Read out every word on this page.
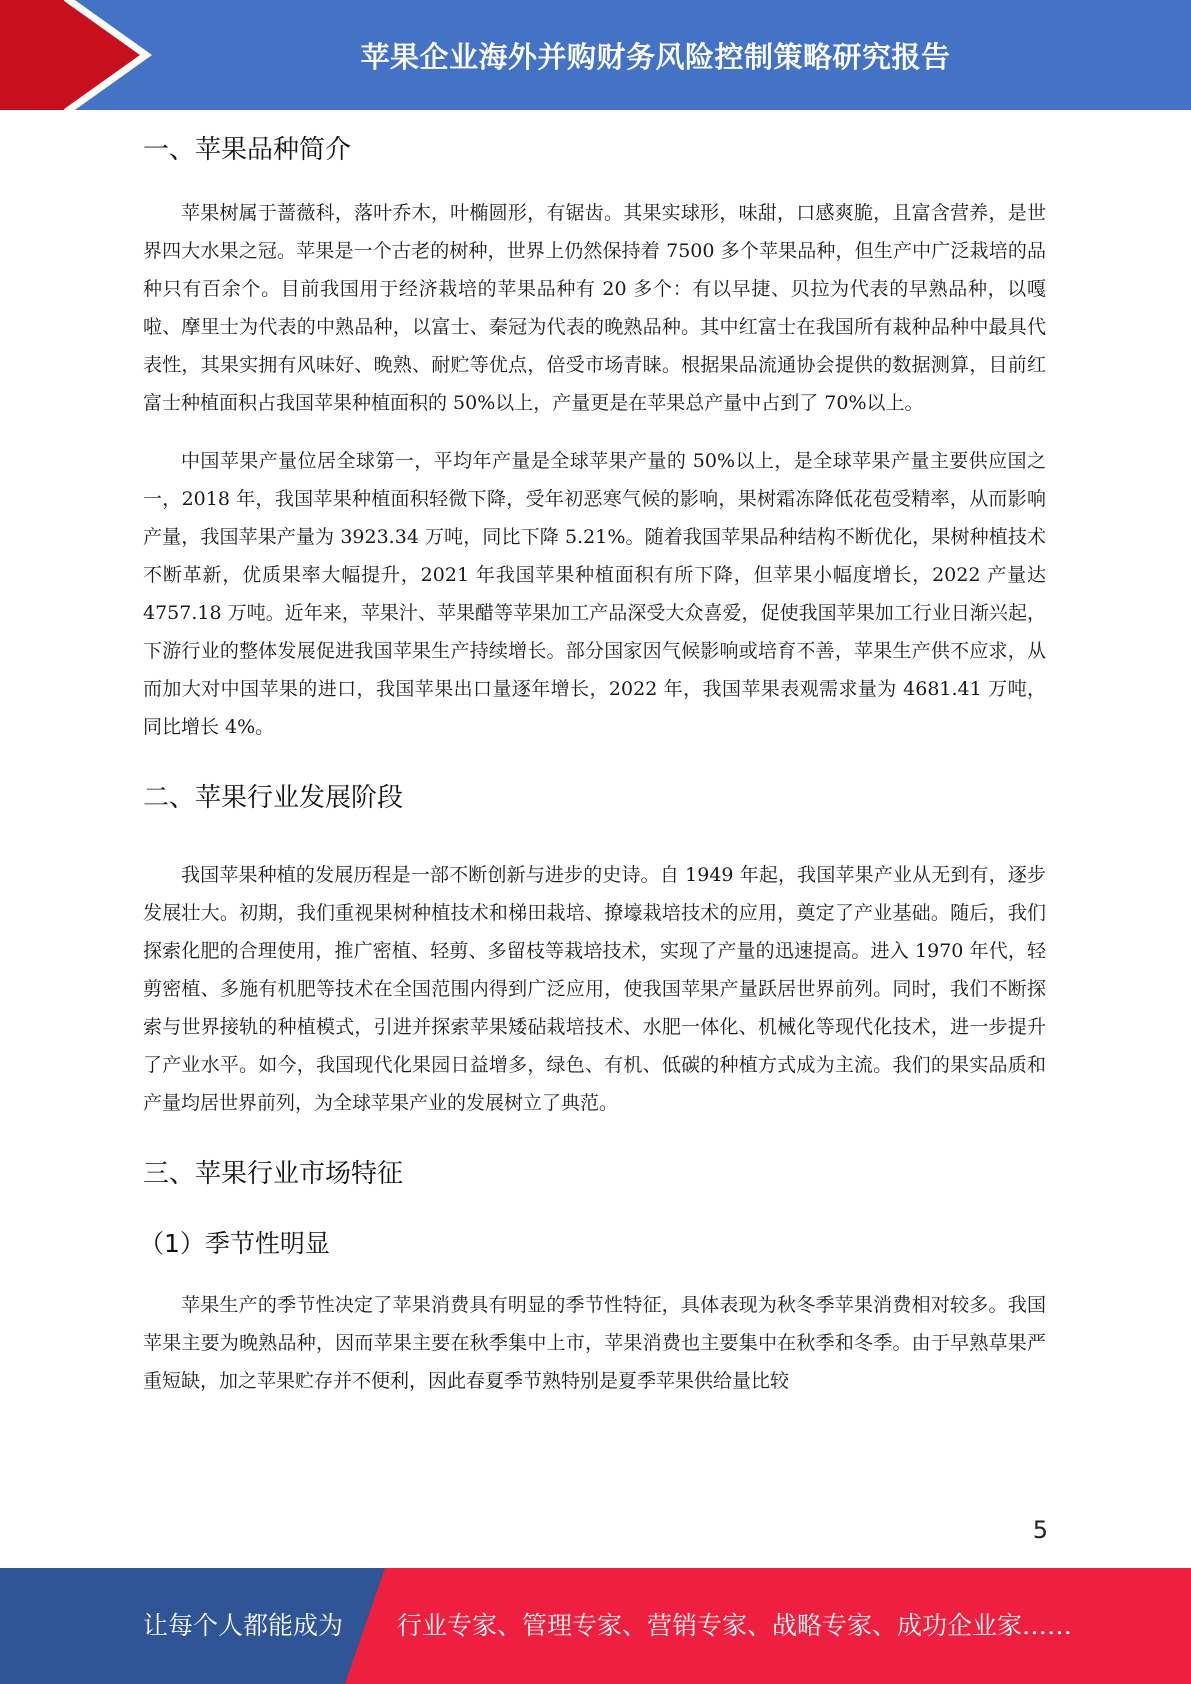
苹果企业海外并购财务风险控制策略研究报告
一、苹果品种简介

苹果树属于蔷薇科，落叶乔木，叶椭圆形，有锯齿。其果实球形，味甜，口感爽脆，且富含营养，是世界四大水果之冠。苹果是一个古老的树种，世界上仍然保持着 7500 多个苹果品种，但生产中广泛栽培的品种只有百余个。目前我国用于经济栽培的苹果品种有 20 多个：有以早捷、贝拉为代表的早熟品种，以嘎啦、摩里士为代表的中熟品种，以富士、秦冠为代表的晚熟品种。其中红富士在我国所有栽种品种中最具代表性，其果实拥有风味好、晚熟、耐贮等优点，倍受市场青睐。根据果品流通协会提供的数据测算，目前红富士种植面积占我国苹果种植面积的 50%以上，产量更是在苹果总产量中占到了 70%以上。

中国苹果产量位居全球第一，平均年产量是全球苹果产量的 50%以上，是全球苹果产量主要供应国之一，2018 年，我国苹果种植面积轻微下降，受年初恶寒气候的影响，果树霜冻降低花苞受精率，从而影响产量，我国苹果产量为 3923.34 万吨，同比下降 5.21%。随着我国苹果品种结构不断优化，果树种植技术不断革新，优质果率大幅提升，2021 年我国苹果种植面积有所下降，但苹果小幅度增长，2022 产量达 4757.18 万吨。近年来，苹果汁、苹果醋等苹果加工产品深受大众喜爱，促使我国苹果加工行业日渐兴起，下游行业的整体发展促进我国苹果生产持续增长。部分国家因气候影响或培育不善，苹果生产供不应求，从而加大对中国苹果的进口，我国苹果出口量逐年增长，2022 年，我国苹果表观需求量为 4681.41 万吨，同比增长 4%。

二、苹果行业发展阶段

我国苹果种植的发展历程是一部不断创新与进步的史诗。自 1949 年起，我国苹果产业从无到有，逐步发展壮大。初期，我们重视果树种植技术和梯田栽培、撩壕栽培技术的应用，奠定了产业基础。随后，我们探索化肥的合理使用，推广密植、轻剪、多留枝等栽培技术，实现了产量的迅速提高。进入 1970 年代，轻剪密植、多施有机肥等技术在全国范围内得到广泛应用，使我国苹果产量跃居世界前列。同时，我们不断探索与世界接轨的种植模式，引进并探索苹果矮砧栽培技术、水肥一体化、机械化等现代化技术，进一步提升了产业水平。如今，我国现代化果园日益增多，绿色、有机、低碳的种植方式成为主流。我们的果实品质和产量均居世界前列，为全球苹果产业的发展树立了典范。

三、苹果行业市场特征
（1）季节性明显

苹果生产的季节性决定了苹果消费具有明显的季节性特征，具体表现为秋冬季苹果消费相对较多。我国苹果主要为晚熟品种，因而苹果主要在秋季集中上市，苹果消费也主要集中在秋季和冬季。由于早熟草果严重短缺，加之苹果贮存并不便利，因此春夏季节熟特别是夏季苹果供给量比较

5
让每个人都能成为 行业专家、管理专家、营销专家、战略专家、成功企业家……
